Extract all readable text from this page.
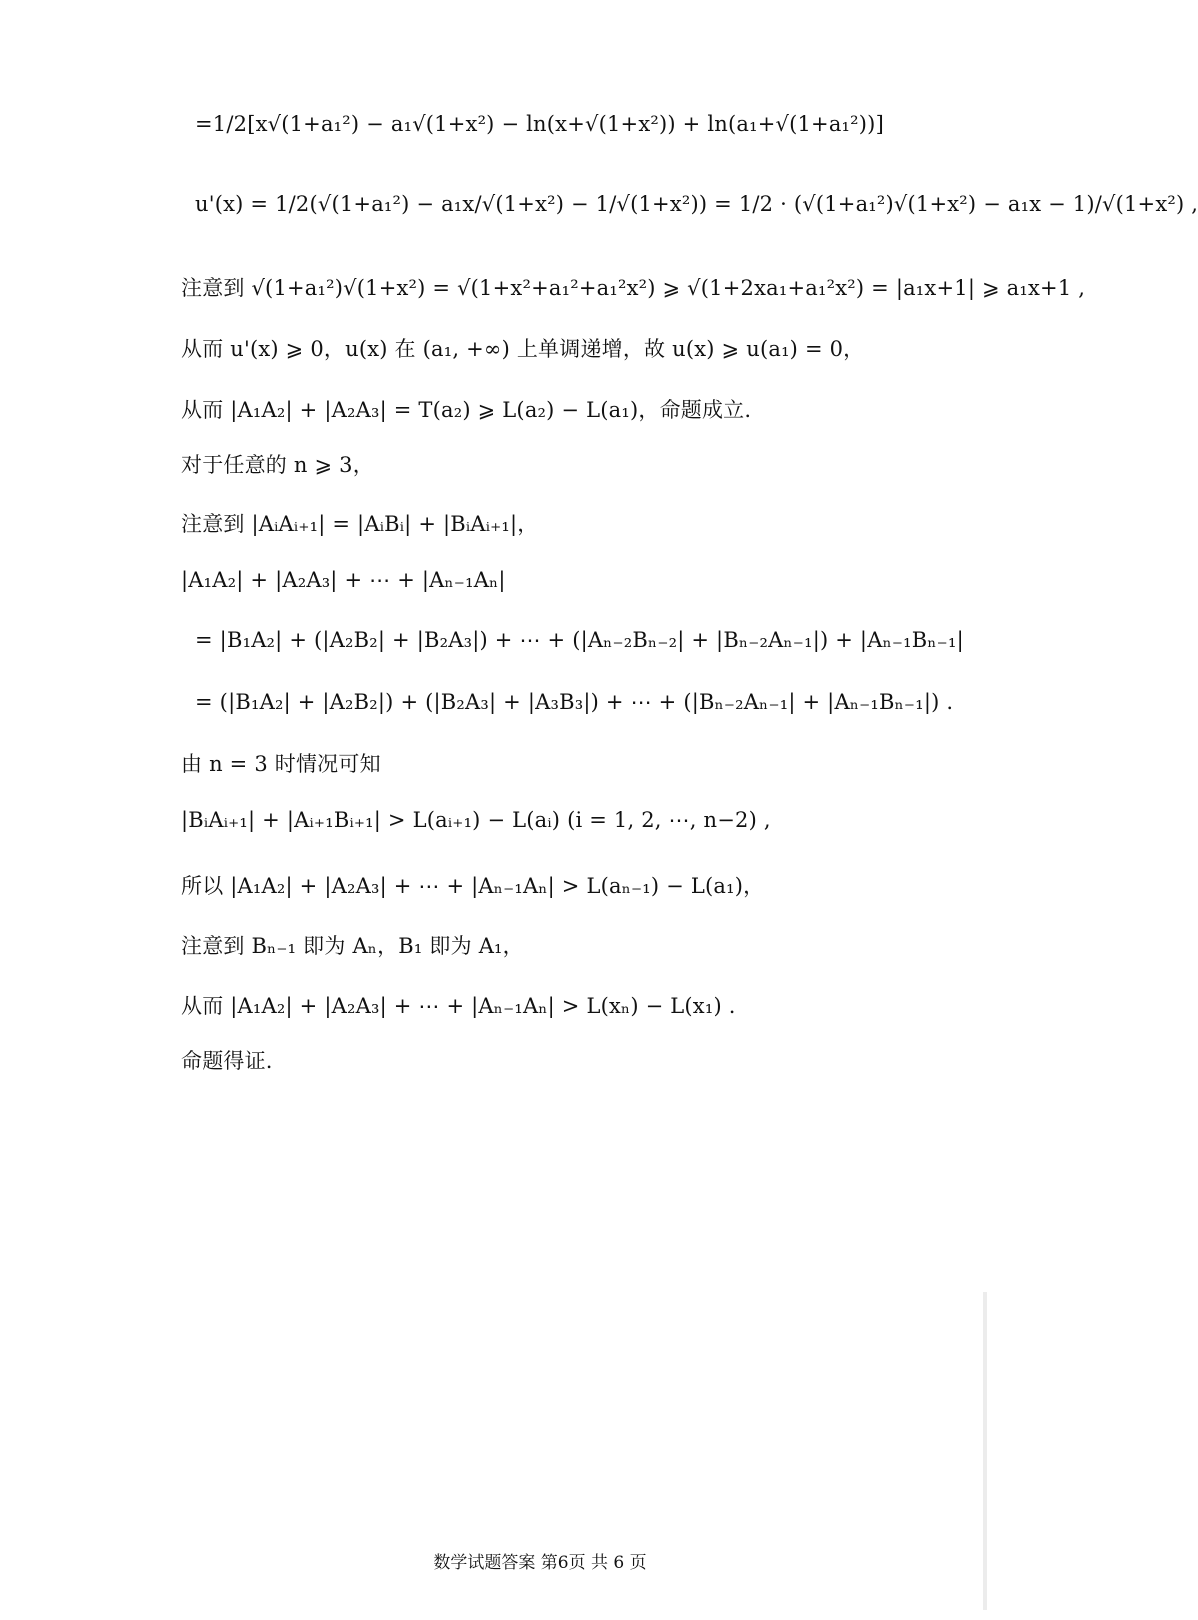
=1/2[x√(1+a₁²) − a₁√(1+x²) − ln(x+√(1+x²)) + ln(a₁+√(1+a₁²))]
u'(x) = 1/2(√(1+a₁²) − a₁x/√(1+x²) − 1/√(1+x²)) = 1/2 · (√(1+a₁²)√(1+x²) − a₁x − 1)/√(1+x²) ,
注意到 √(1+a₁²)√(1+x²) = √(1+x²+a₁²+a₁²x²) ⩾ √(1+2xa₁+a₁²x²) = |a₁x+1| ⩾ a₁x+1 ,
从而 u'(x) ⩾ 0，u(x) 在 (a₁, +∞) 上单调递增，故 u(x) ⩾ u(a₁) = 0，
从而 |A₁A₂| + |A₂A₃| = T(a₂) ⩾ L(a₂) − L(a₁)，命题成立.
对于任意的 n ⩾ 3，
注意到 |AᵢAᵢ₊₁| = |AᵢBᵢ| + |BᵢAᵢ₊₁|，
|A₁A₂| + |A₂A₃| + ⋯ + |Aₙ₋₁Aₙ|
= |B₁A₂| + (|A₂B₂| + |B₂A₃|) + ⋯ + (|Aₙ₋₂Bₙ₋₂| + |Bₙ₋₂Aₙ₋₁|) + |Aₙ₋₁Bₙ₋₁|
= (|B₁A₂| + |A₂B₂|) + (|B₂A₃| + |A₃B₃|) + ⋯ + (|Bₙ₋₂Aₙ₋₁| + |Aₙ₋₁Bₙ₋₁|) .
由 n = 3 时情况可知
|BᵢAᵢ₊₁| + |Aᵢ₊₁Bᵢ₊₁| > L(aᵢ₊₁) − L(aᵢ) (i = 1, 2, ⋯, n−2) ,
所以 |A₁A₂| + |A₂A₃| + ⋯ + |Aₙ₋₁Aₙ| > L(aₙ₋₁) − L(a₁)，
注意到 Bₙ₋₁ 即为 Aₙ，B₁ 即为 A₁，
从而 |A₁A₂| + |A₂A₃| + ⋯ + |Aₙ₋₁Aₙ| > L(xₙ) − L(x₁) .
命题得证.
数学试题答案 第6页 共 6 页
